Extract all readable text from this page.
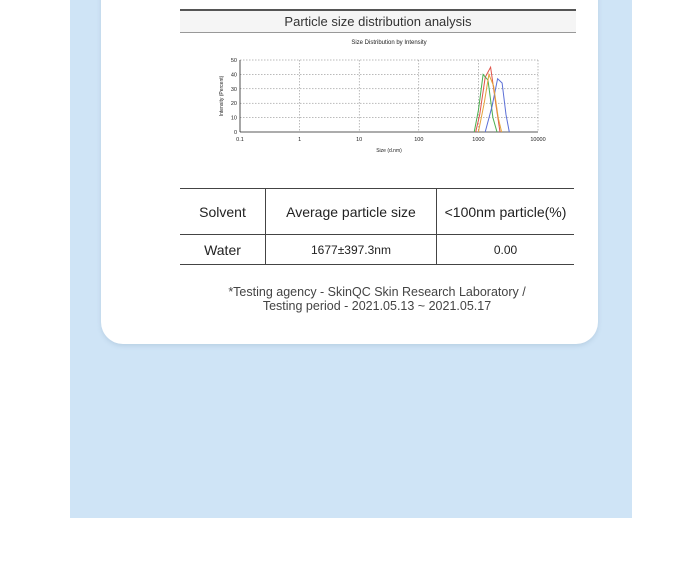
Particle size distribution analysis
Size Distribution by Intensity
0
10
20
30
40
50
0.1	1	10	100	1000	10000
Size (d.nm)
Intensity (Percent)
Solvent	Average particle size	<100nm particle(%)
Water	1677±397.3nm	0.00
*Testing agency - SkinQC Skin Research Laboratory /
Testing period - 2021.05.13 ~ 2021.05.17
